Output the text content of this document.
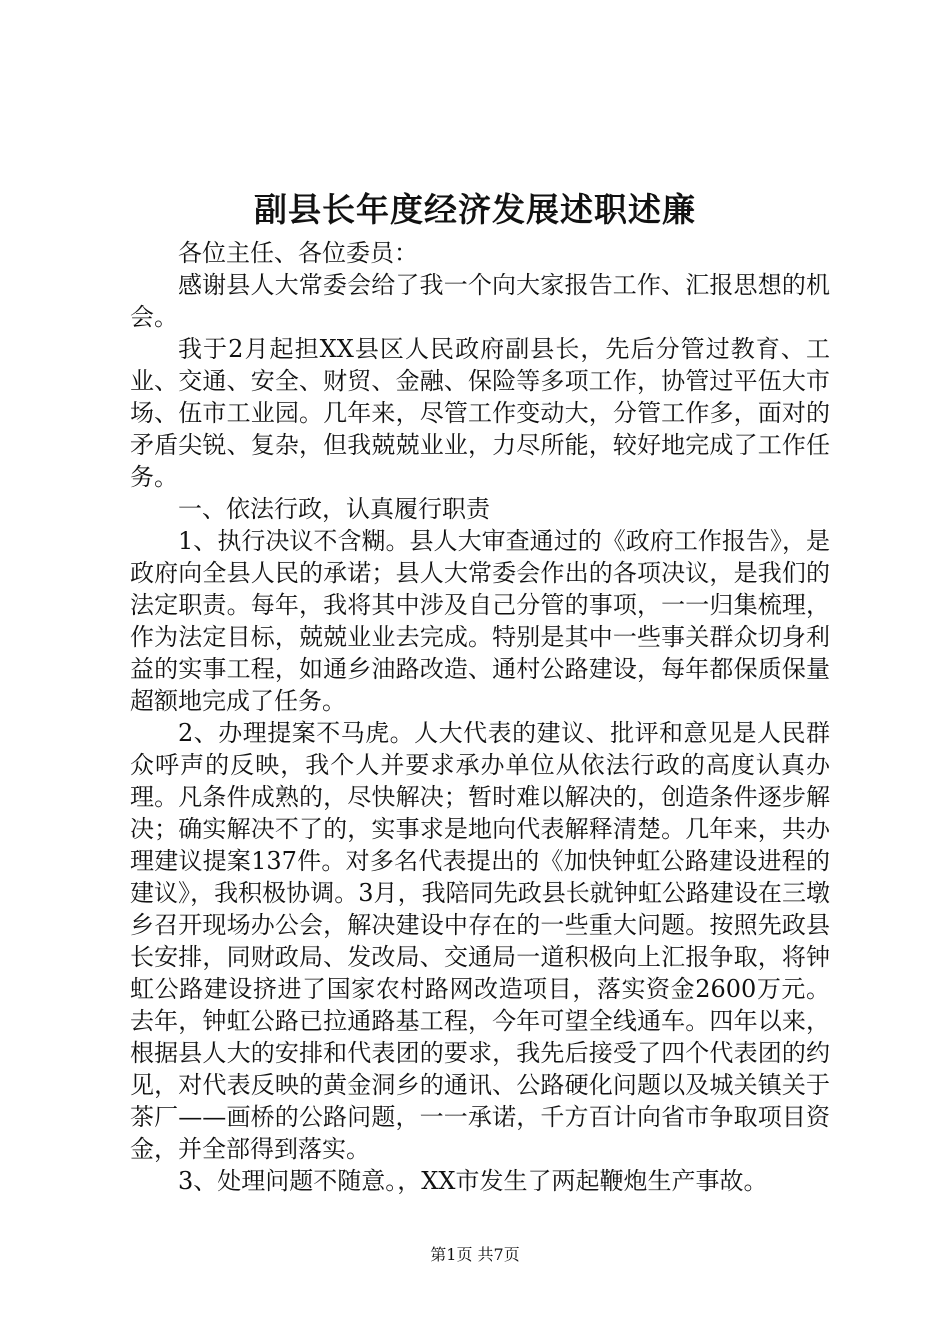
副县长年度经济发展述职述廉

各位主任、各位委员：

感谢县人大常委会给了我一个向大家报告工作、汇报思想的机会。

我于2月起担XX县区人民政府副县长，先后分管过教育、工业、交通、安全、财贸、金融、保险等多项工作，协管过平伍大市场、伍市工业园。几年来，尽管工作变动大，分管工作多，面对的矛盾尖锐、复杂，但我兢兢业业，力尽所能，较好地完成了工作任务。

一、依法行政，认真履行职责

1、执行决议不含糊。县人大审查通过的《政府工作报告》，是政府向全县人民的承诺；县人大常委会作出的各项决议，是我们的法定职责。每年，我将其中涉及自己分管的事项，一一归集梳理，作为法定目标，兢兢业业去完成。特别是其中一些事关群众切身利益的实事工程，如通乡油路改造、通村公路建设，每年都保质保量超额地完成了任务。

2、办理提案不马虎。人大代表的建议、批评和意见是人民群众呼声的反映，我个人并要求承办单位从依法行政的高度认真办理。凡条件成熟的，尽快解决；暂时难以解决的，创造条件逐步解决；确实解决不了的，实事求是地向代表解释清楚。几年来，共办理建议提案137件。对多名代表提出的《加快钟虹公路建设进程的建议》，我积极协调。3月，我陪同先政县长就钟虹公路建设在三墩乡召开现场办公会，解决建设中存在的一些重大问题。按照先政县长安排，同财政局、发改局、交通局一道积极向上汇报争取，将钟虹公路建设挤进了国家农村路网改造项目，落实资金2600万元。去年，钟虹公路已拉通路基工程，今年可望全线通车。四年以来，根据县人大的安排和代表团的要求，我先后接受了四个代表团的约见，对代表反映的黄金洞乡的通讯、公路硬化问题以及城关镇关于茶厂——画桥的公路问题，一一承诺，千方百计向省市争取项目资金，并全部得到落实。

3、处理问题不随意。，XX市发生了两起鞭炮生产事故。

第1页 共7页
